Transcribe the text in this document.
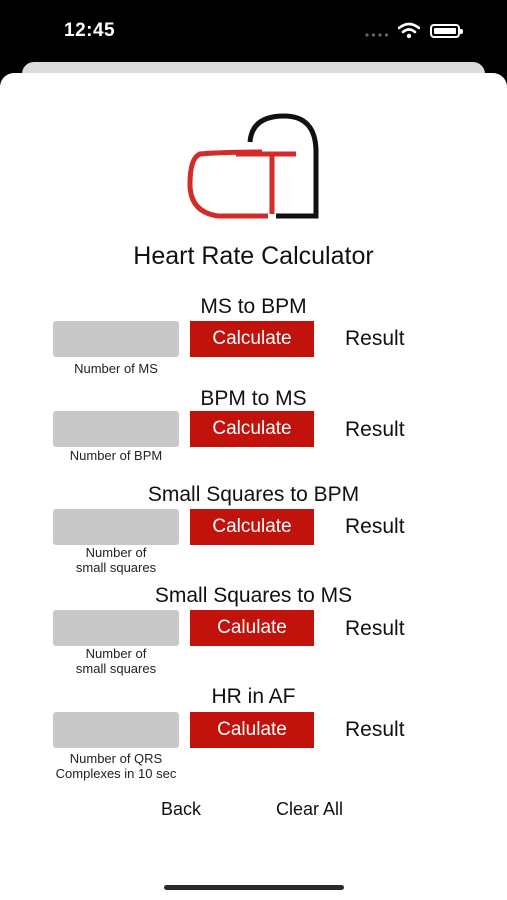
12:45
Heart Rate Calculator
MS to BPM
Calculate	Result
Number of MS
BPM to MS
Calculate	Result
Number of BPM
Small Squares to BPM
Calculate	Result
Number of
small squares
Small Squares to MS
Calulate	Result
Number of
small squares
HR in AF
Calulate	Result
Number of QRS
Complexes in 10 sec
Back	Clear All
